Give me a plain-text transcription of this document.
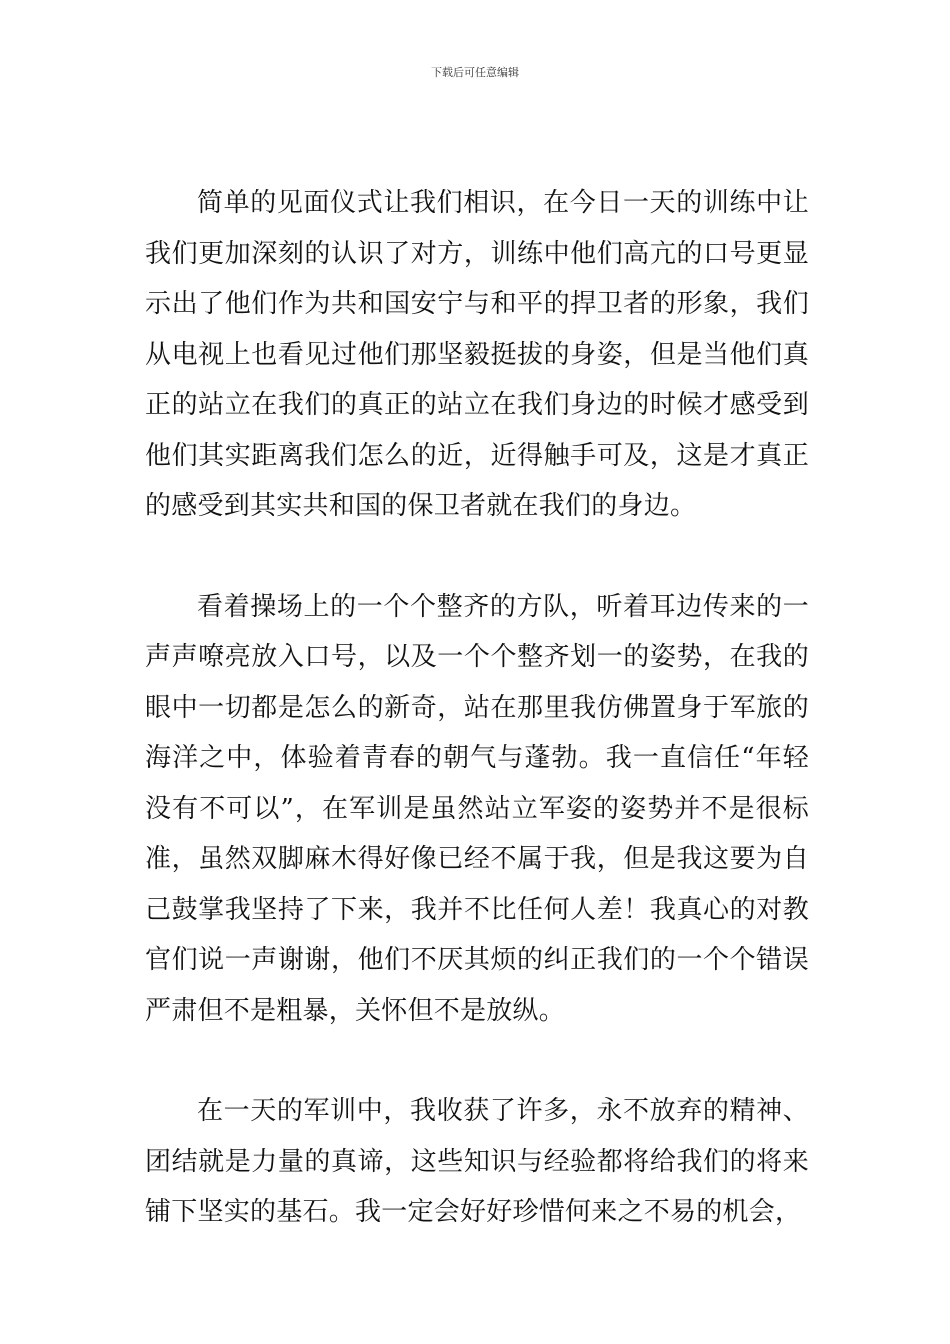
下载后可任意编辑

简单的见面仪式让我们相识，在今日一天的训练中让我们更加深刻的认识了对方，训练中他们高亢的口号更显示出了他们作为共和国安宁与和平的捍卫者的形象，我们从电视上也看见过他们那坚毅挺拔的身姿，但是当他们真正的站立在我们的真正的站立在我们身边的时候才感受到他们其实距离我们怎么的近，近得触手可及，这是才真正的感受到其实共和国的保卫者就在我们的身边。

看着操场上的一个个整齐的方队，听着耳边传来的一声声嘹亮放入口号，以及一个个整齐划一的姿势，在我的眼中一切都是怎么的新奇，站在那里我仿佛置身于军旅的海洋之中，体验着青春的朝气与蓬勃。我一直信任“年轻没有不可以”，在军训是虽然站立军姿的姿势并不是很标准，虽然双脚麻木得好像已经不属于我，但是我这要为自己鼓掌我坚持了下来，我并不比任何人差！我真心的对教官们说一声谢谢，他们不厌其烦的纠正我们的一个个错误严肃但不是粗暴，关怀但不是放纵。

在一天的军训中，我收获了许多，永不放弃的精神、团结就是力量的真谛，这些知识与经验都将给我们的将来铺下坚实的基石。我一定会好好珍惜何来之不易的机会，
